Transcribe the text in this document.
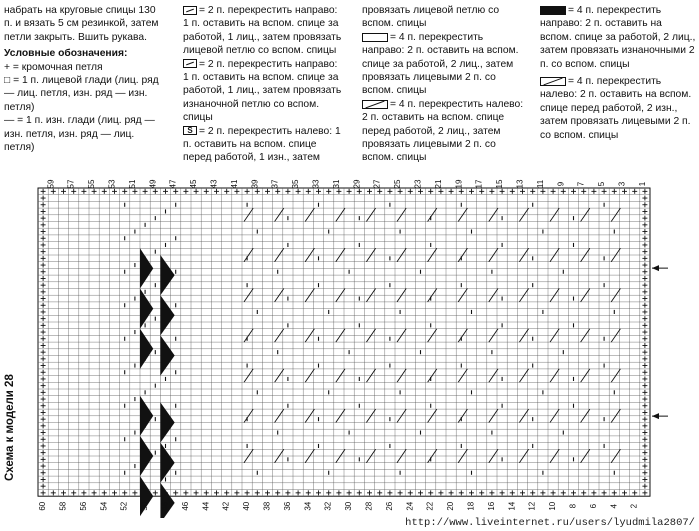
набрать на круговые спицы 130 п. и вязать 5 см резинкой, затем петли закрыть. Вшить рукава.

Условные обозначения:

+ = кромочная петля

□ = 1 п. лицевой глади (лиц. ряд — лиц. петля, изн. ряд — изн. петля)

— = 1 п. изн. глади (лиц. ряд — изн. петля, изн. ряд — лиц. петля)

= 2 п. перекрестить направо: 1 п. оставить на вспом. спице за работой, 1 лиц., затем провязать лицевой петлю со вспом. спицы

= 2 п. перекрестить направо: 1 п. оставить на вспом. спице за работой, 1 лиц., затем провязать изнаночной петлю со вспом. спицы

S = 2 п. перекрестить налево: 1 п. оставить на вспом. спице перед работой, 1 изн., затем

провязать лицевой петлю со вспом. спицы

= 4 п. перекрестить направо: 2 п. оставить на вспом. спице за работой, 2 лиц., затем провязать лицевыми 2 п. со вспом. спицы

= 4 п. перекрестить налево: 2 п. оставить на вспом. спице перед работой, 2 лиц., затем провязать лицевыми 2 п. со вспом. спицы

= 4 п. перекрестить направо: 2 п. оставить на вспом. спице за работой, 2 лиц., затем провязать изнаночными 2 п. со вспом. спицы

= 4 п. перекрестить налево: 2 п. оставить на вспом. спице перед работой, 2 изн., затем провязать лицевыми 2 п. со вспом. спицы

Схема к модели 28
59 57 55 53 51 49 47 45 43 41 39 37 35 33 31 29 27 25 23 21 19 17 15 13 11 9 7 5 3 1
60 58 56 54 52 50 48 46 44 42 40 38 36 34 32 30 28 26 24 22 20 18 16 14 12 10 8 6 4 2
http://www.liveinternet.ru/users/lyudmila2807/
